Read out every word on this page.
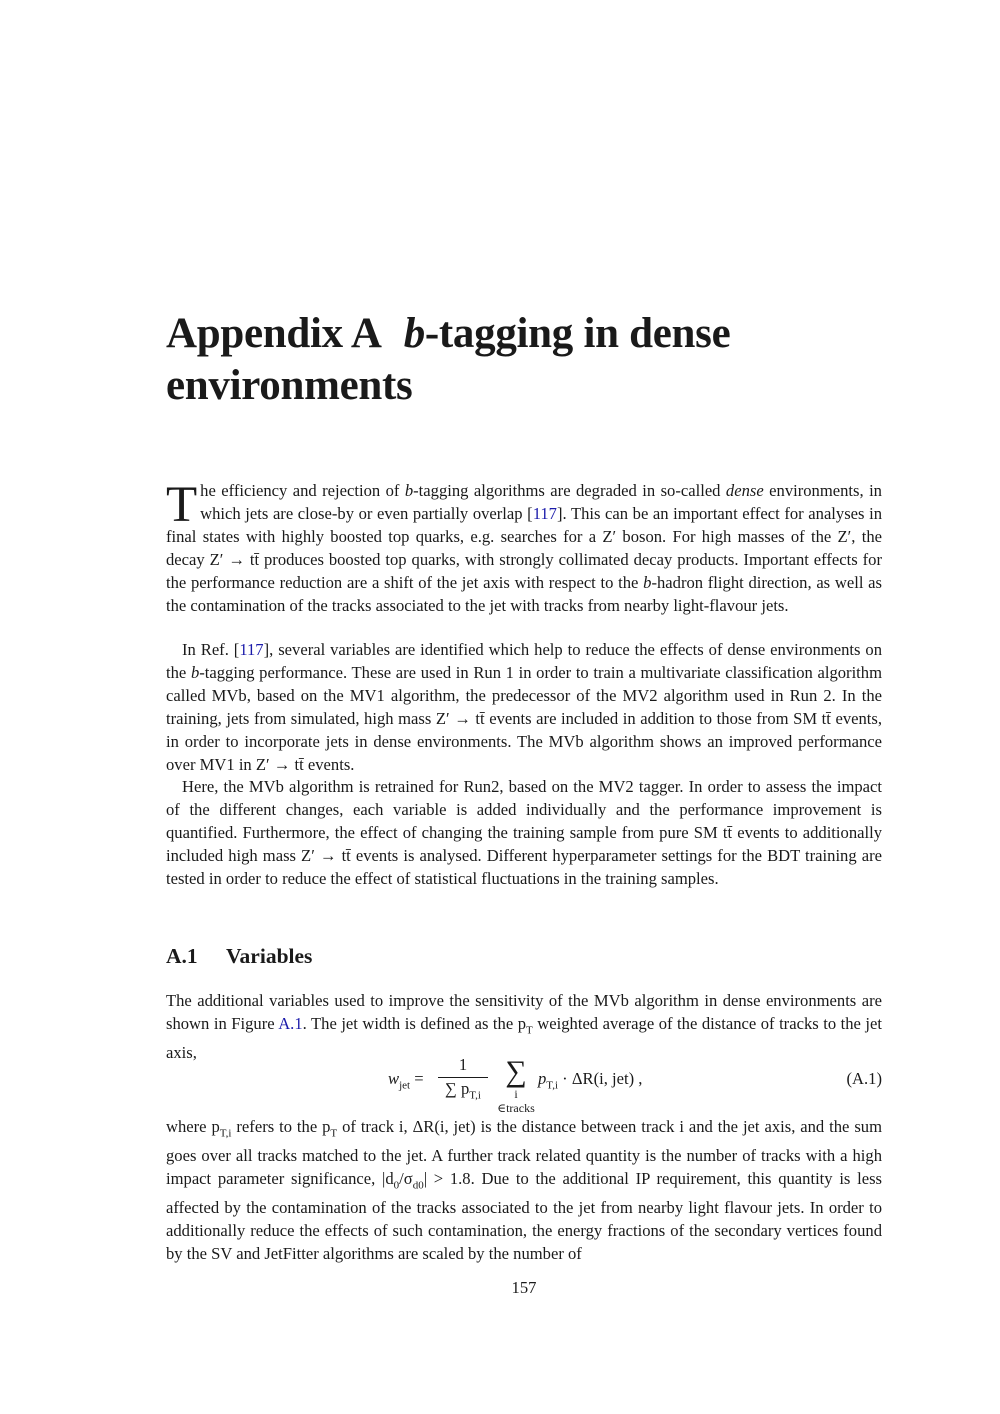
Appendix A b-tagging in dense environments

The efficiency and rejection of b-tagging algorithms are degraded in so-called dense environments, in which jets are close-by or even partially overlap [117]. This can be an important effect for analyses in final states with highly boosted top quarks, e.g. searches for a Z′ boson. For high masses of the Z′, the decay Z′ → tt̄ produces boosted top quarks, with strongly collimated decay products. Important effects for the performance reduction are a shift of the jet axis with respect to the b-hadron flight direction, as well as the contamination of the tracks associated to the jet with tracks from nearby light-flavour jets.

In Ref. [117], several variables are identified which help to reduce the effects of dense environments on the b-tagging performance. These are used in Run 1 in order to train a multivariate classification algorithm called MVb, based on the MV1 algorithm, the predecessor of the MV2 algorithm used in Run 2. In the training, jets from simulated, high mass Z′ → tt̄ events are included in addition to those from SM tt̄ events, in order to incorporate jets in dense environments. The MVb algorithm shows an improved performance over MV1 in Z′ → tt̄ events.

Here, the MVb algorithm is retrained for Run2, based on the MV2 tagger. In order to assess the impact of the different changes, each variable is added individually and the performance improvement is quantified. Furthermore, the effect of changing the training sample from pure SM tt̄ events to additionally included high mass Z′ → tt̄ events is analysed. Different hyperparameter settings for the BDT training are tested in order to reduce the effect of statistical fluctuations in the training samples.

A.1 Variables

The additional variables used to improve the sensitivity of the MVb algorithm in dense environments are shown in Figure A.1. The jet width is defined as the $p_T$ weighted average of the distance of tracks to the jet axis,

$w_{jet}$ =
1
∑ $p_{T,i}$
∑
i ∈tracks
$p_{T,i} \cdot \Delta R(i$, jet) ,	(A.1)

where $p_{T,i}$ refers to the $p_T$ of track i, ΔR(i, jet) is the distance between track i and the jet axis, and the sum goes over all tracks matched to the jet. A further track related quantity is the number of tracks with a high impact parameter significance, $|d_0/\sigma_{d0}| > 1.8$. Due to the additional IP requirement, this quantity is less affected by the contamination of the tracks associated to the jet from nearby light flavour jets. In order to additionally reduce the effects of such contamination, the energy fractions of the secondary vertices found by the SV and JetFitter algorithms are scaled by the number of

157
